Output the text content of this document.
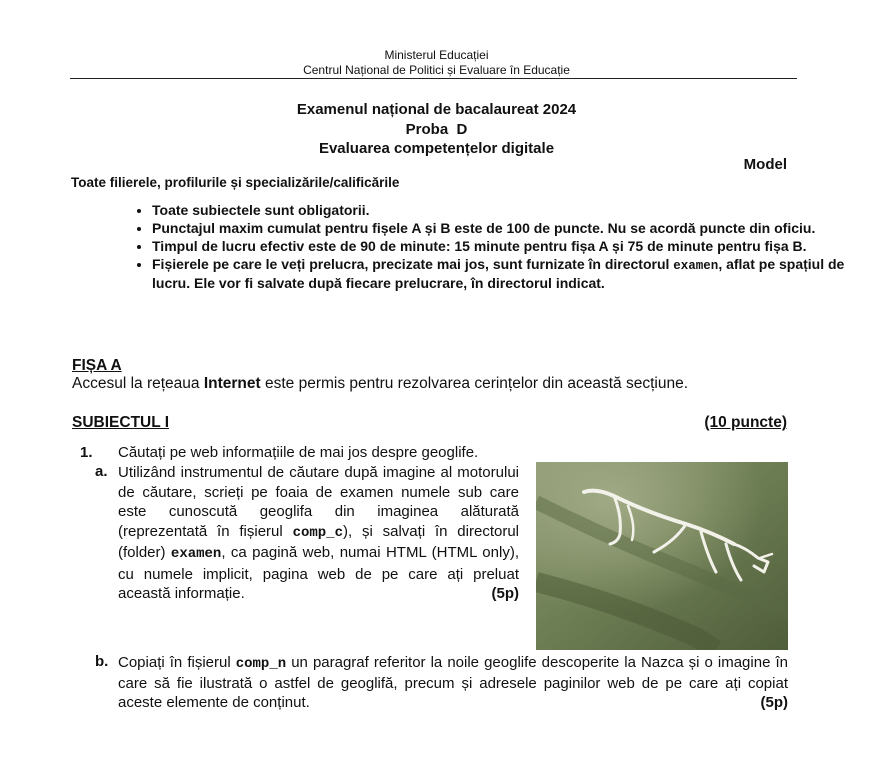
Ministerul Educației
Centrul Național de Politici și Evaluare în Educație
Examenul național de bacalaureat 2024
Proba  D
Evaluarea competențelor digitale
Model
Toate filierele, profilurile și specializările/calificările
• Toate subiectele sunt obligatorii.
• Punctajul maxim cumulat pentru fișele A și B este de 100 de puncte. Nu se acordă puncte din oficiu.
• Timpul de lucru efectiv este de 90 de minute: 15 minute pentru fișa A și 75 de minute pentru fișa B.
• Fișierele pe care le veți prelucra, precizate mai jos, sunt furnizate în directorul examen, aflat pe spațiul de lucru. Ele vor fi salvate după fiecare prelucrare, în directorul indicat.
FIȘA A
Accesul la rețeaua Internet este permis pentru rezolvarea cerințelor din această secțiune.
SUBIECTUL I	(10 puncte)
1. Căutați pe web informațiile de mai jos despre geoglife.
a. Utilizând instrumentul de căutare după imagine al motorului de căutare, scrieți pe foaia de examen numele sub care este cunoscută geoglifa din imaginea alăturată (reprezentată în fișierul comp_c), și salvați în directorul (folder) examen, ca pagină web, numai HTML (HTML only), cu numele implicit, pagina web de pe care ați preluat această informație.	(5p)
b. Copiați în fișierul comp_n un paragraf referitor la noile geoglife descoperite la Nazca și o imagine în care să fie ilustrată o astfel de geoglifă, precum și adresele paginilor web de pe care ați copiat aceste elemente de conținut.	(5p)
